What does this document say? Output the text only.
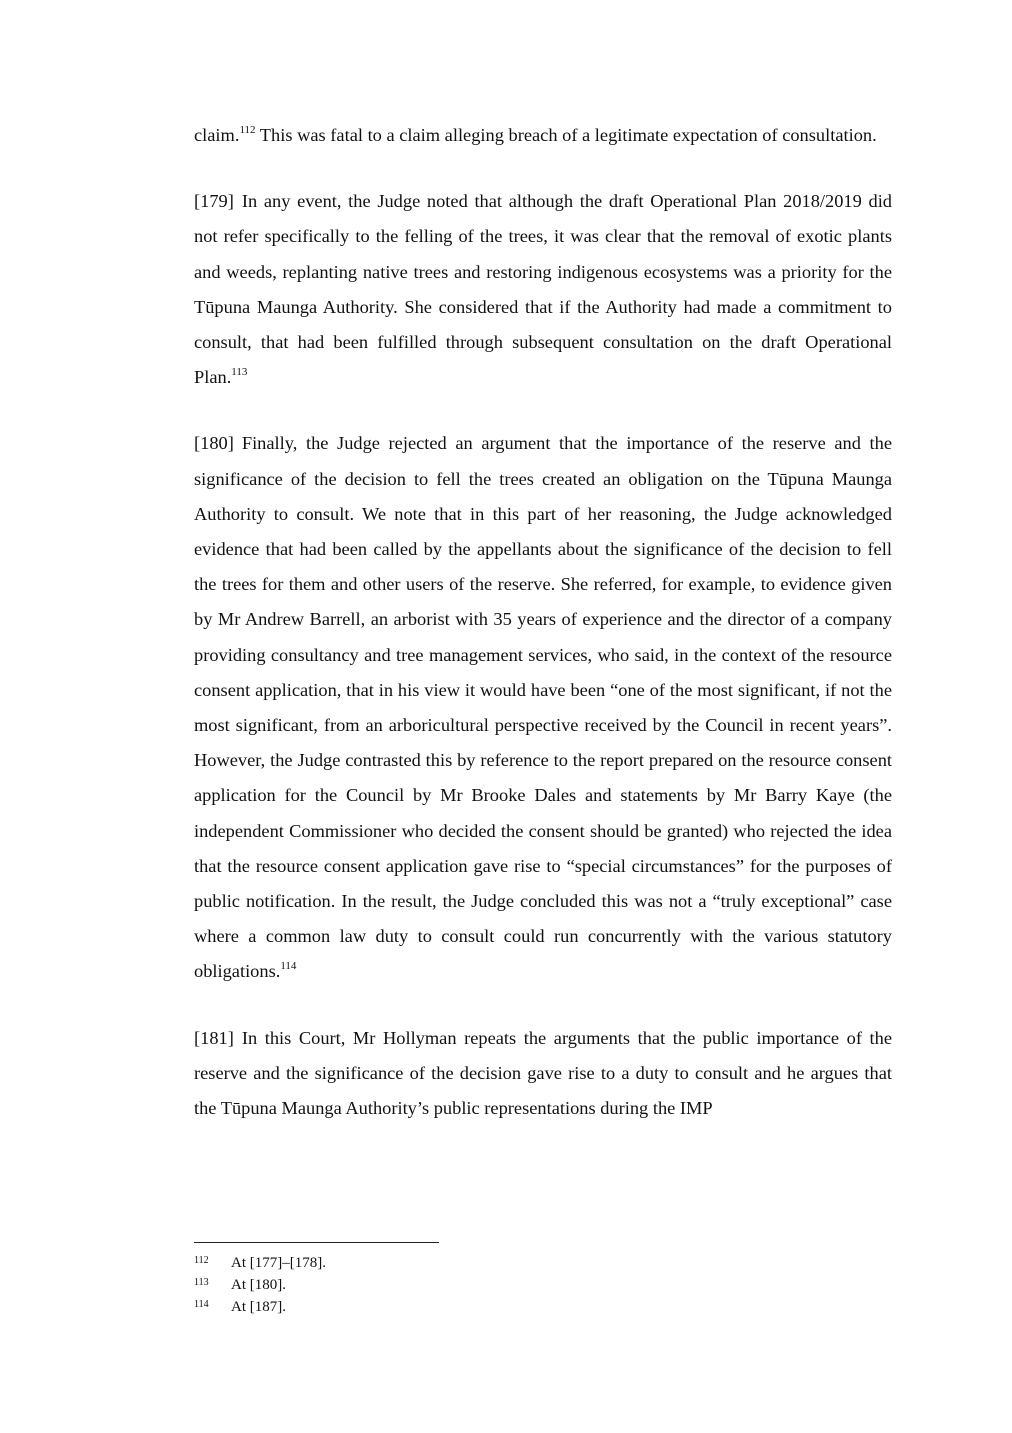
claim.$^{112}$ This was fatal to a claim alleging breach of a legitimate expectation of consultation.

[179] In any event, the Judge noted that although the draft Operational Plan 2018/2019 did not refer specifically to the felling of the trees, it was clear that the removal of exotic plants and weeds, replanting native trees and restoring indigenous ecosystems was a priority for the Tūpuna Maunga Authority. She considered that if the Authority had made a commitment to consult, that had been fulfilled through subsequent consultation on the draft Operational Plan.$^{113}$

[180] Finally, the Judge rejected an argument that the importance of the reserve and the significance of the decision to fell the trees created an obligation on the Tūpuna Maunga Authority to consult. We note that in this part of her reasoning, the Judge acknowledged evidence that had been called by the appellants about the significance of the decision to fell the trees for them and other users of the reserve. She referred, for example, to evidence given by Mr Andrew Barrell, an arborist with 35 years of experience and the director of a company providing consultancy and tree management services, who said, in the context of the resource consent application, that in his view it would have been “one of the most significant, if not the most significant, from an arboricultural perspective received by the Council in recent years”. However, the Judge contrasted this by reference to the report prepared on the resource consent application for the Council by Mr Brooke Dales and statements by Mr Barry Kaye (the independent Commissioner who decided the consent should be granted) who rejected the idea that the resource consent application gave rise to “special circumstances” for the purposes of public notification. In the result, the Judge concluded this was not a “truly exceptional” case where a common law duty to consult could run concurrently with the various statutory obligations.$^{114}$

[181] In this Court, Mr Hollyman repeats the arguments that the public importance of the reserve and the significance of the decision gave rise to a duty to consult and he argues that the Tūpuna Maunga Authority’s public representations during the IMP

112	At [177]–[178].
113	At [180].
114	At [187].
